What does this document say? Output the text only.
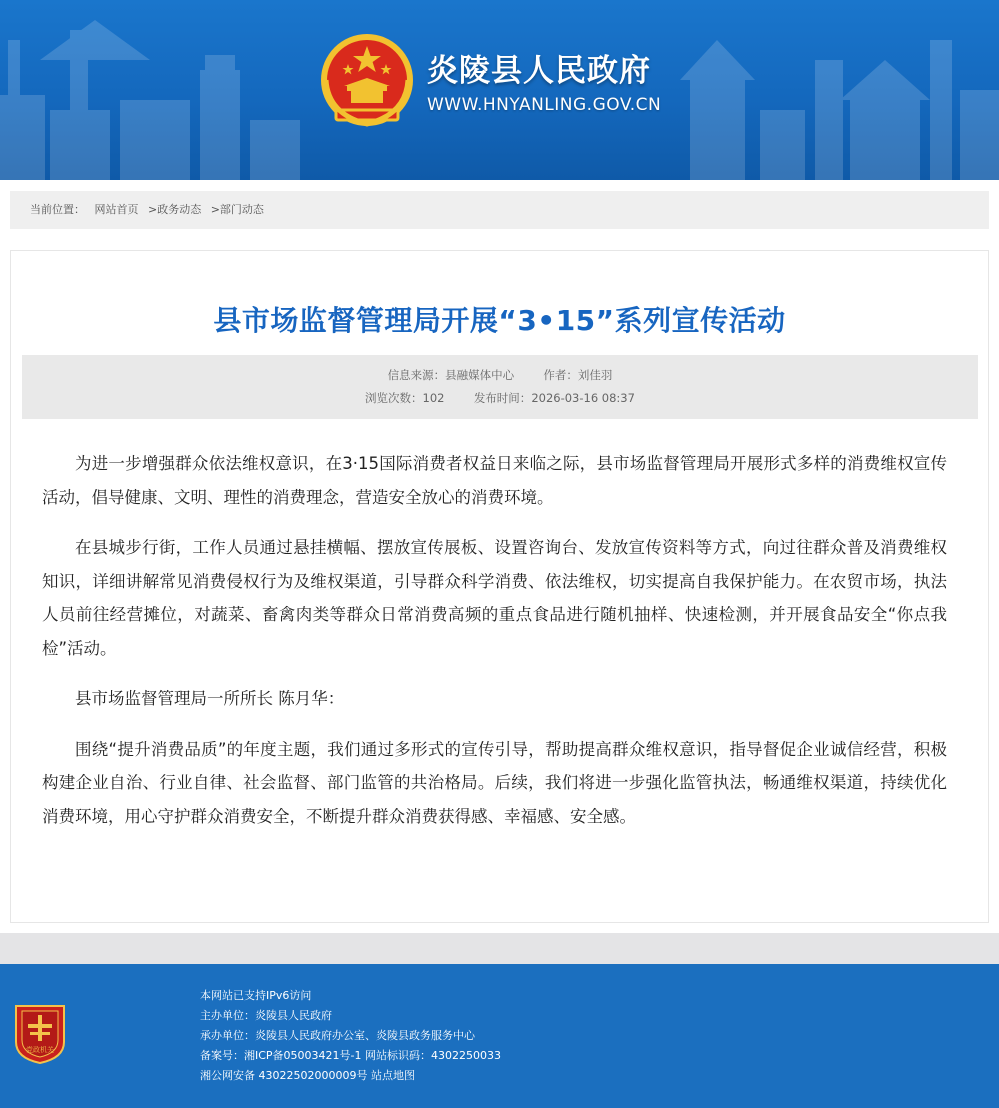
炎陵县人民政府
WWW.HNYANLING.GOV.CN
当前位置： 网站首页 >政务动态 >部门动态
县市场监督管理局开展“3•15”系列宣传活动
信息来源：县融媒体中心	作者：刘佳羽
浏览次数：102	发布时间：2026-03-16 08:37

为进一步增强群众依法维权意识，在3·15国际消费者权益日来临之际，县市场监督管理局开展形式多样的消费维权宣传活动，倡导健康、文明、理性的消费理念，营造安全放心的消费环境。

在县城步行街，工作人员通过悬挂横幅、摆放宣传展板、设置咨询台、发放宣传资料等方式，向过往群众普及消费维权知识，详细讲解常见消费侵权行为及维权渠道，引导群众科学消费、依法维权，切实提高自我保护能力。在农贸市场，执法人员前往经营摊位，对蔬菜、畜禽肉类等群众日常消费高频的重点食品进行随机抽样、快速检测，并开展食品安全“你点我检”活动。

县市场监督管理局一所所长 陈月华：

围绕“提升消费品质”的年度主题，我们通过多形式的宣传引导，帮助提高群众维权意识，指导督促企业诚信经营，积极构建企业自治、行业自律、社会监督、部门监管的共治格局。后续，我们将进一步强化监管执法，畅通维权渠道，持续优化消费环境，用心守护群众消费安全，不断提升群众消费获得感、幸福感、安全感。

党政机关
本网站已支持IPv6访问
主办单位：炎陵县人民政府
承办单位：炎陵县人民政府办公室、炎陵县政务服务中心
备案号：湘ICP备05003421号-1 网站标识码：4302250033
湘公网安备 43022502000009号 站点地图
